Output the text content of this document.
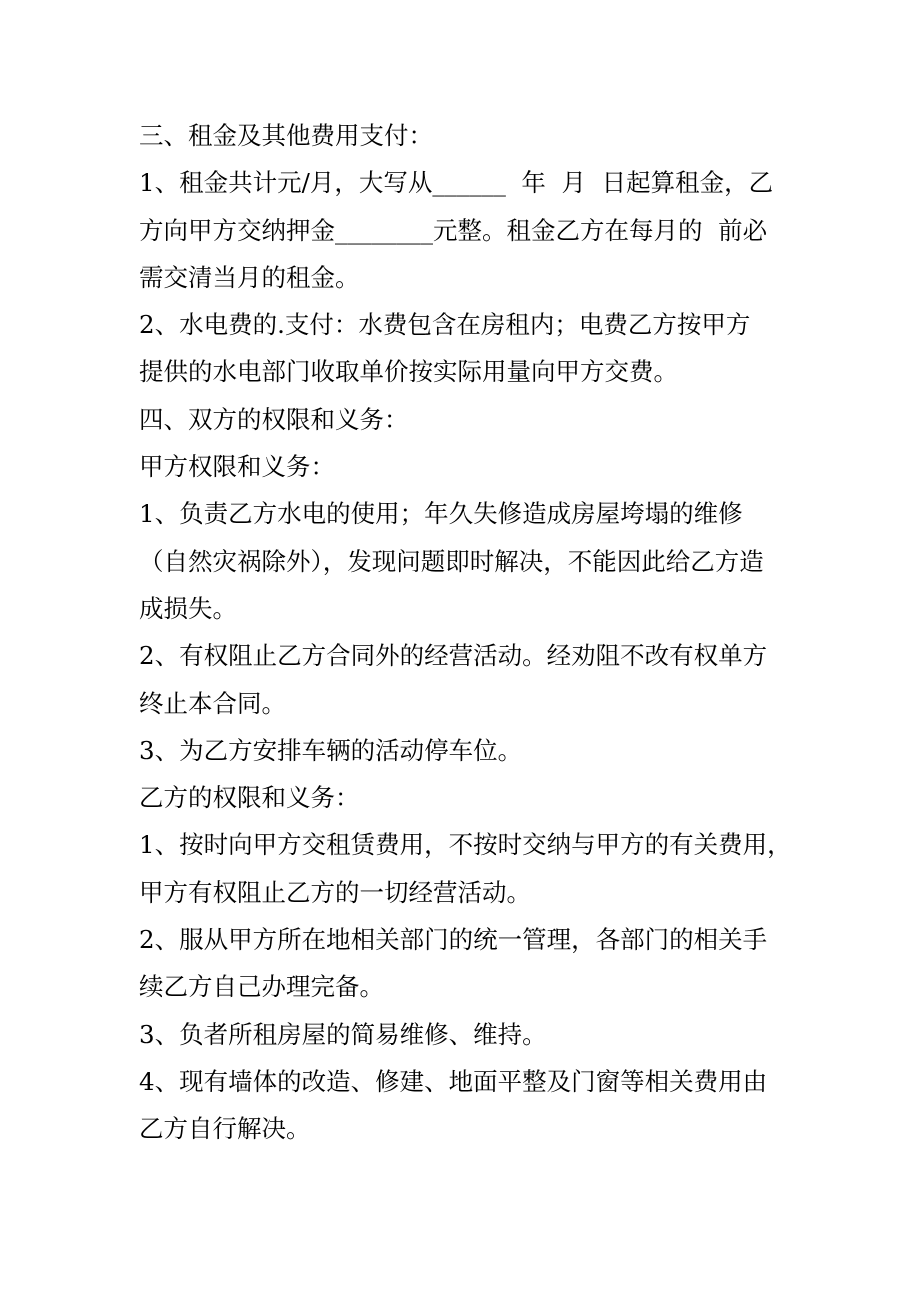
三、租金及其他费用支付：
1、租金共计元/月，大写从______  年  月  日起算租金，乙
方向甲方交纳押金________元整。租金乙方在每月的  前必
需交清当月的租金。
2、水电费的.支付：水费包含在房租内；电费乙方按甲方
提供的水电部门收取单价按实际用量向甲方交费。
四、双方的权限和义务：
甲方权限和义务：
1、负责乙方水电的使用；年久失修造成房屋垮塌的维修
（自然灾祸除外），发现问题即时解决，不能因此给乙方造
成损失。
2、有权阻止乙方合同外的经营活动。经劝阻不改有权单方
终止本合同。
3、为乙方安排车辆的活动停车位。
乙方的权限和义务：
1、按时向甲方交租赁费用，不按时交纳与甲方的有关费用，
甲方有权阻止乙方的一切经营活动。
2、服从甲方所在地相关部门的统一管理，各部门的相关手
续乙方自己办理完备。
3、负者所租房屋的简易维修、维持。
4、现有墙体的改造、修建、地面平整及门窗等相关费用由
乙方自行解决。
